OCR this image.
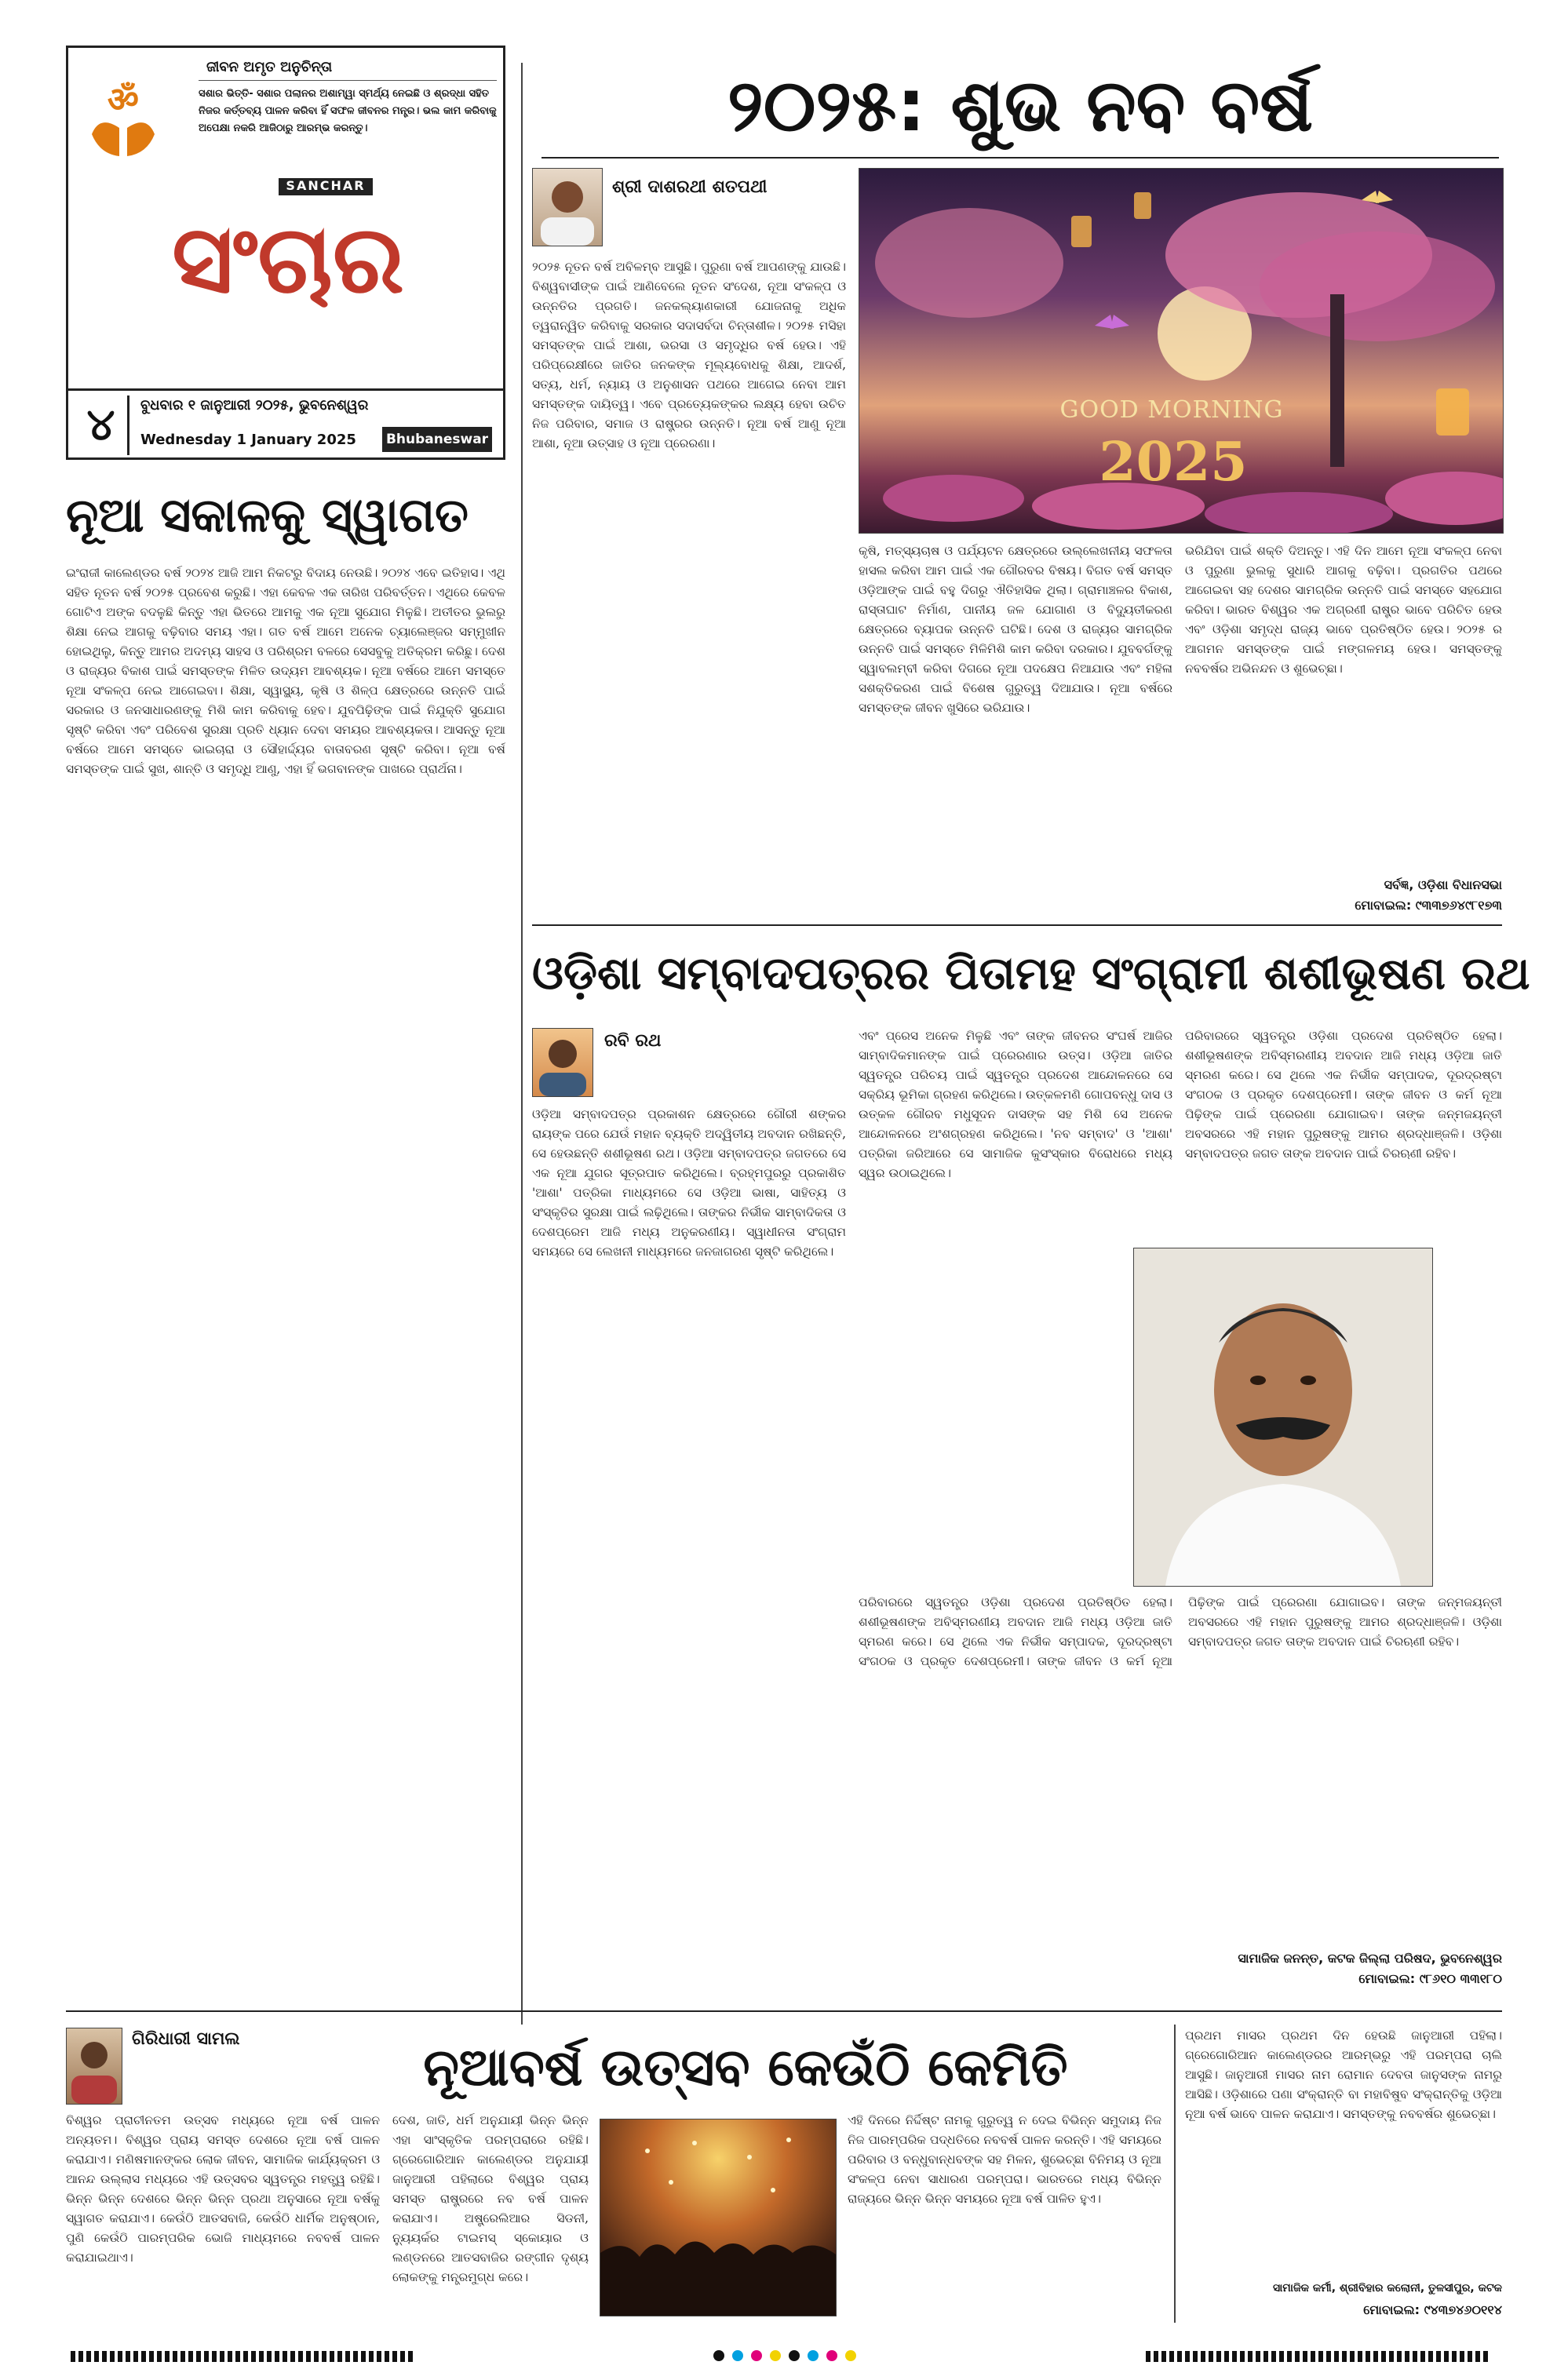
ଜୀବନ ଅମୃତ ଅନୁଚିନ୍ତା
ॐ	ସଶାର ଭିତ୍ତି- ସଶାର ପଲାନର ଅଶାମ୍ୱା ସ୍ମର୍ଥ୍ୟ ନେଇଛି ଓ ଶ୍ରଦ୍ଧା ସହିତ ନିଜର କର୍ତ୍ତବ୍ୟ ପାଳନ କରିବା ହିଁ ସଫଳ ଜୀବନର ମନ୍ତ୍ର। ଭଲ କାମ କରିବାକୁ ଅପେକ୍ଷା ନକରି ଆଜିଠାରୁ ଆରମ୍ଭ କରନ୍ତୁ।
SANCHAR
ସଂଚାର
୪	ବୁଧବାର ୧ ଜାନୁଆରୀ ୨୦୨୫, ଭୁବନେଶ୍ୱର
Wednesday 1 January 2025	Bhubaneswar
ନୂଆ ସକାଳକୁ ସ୍ୱାଗତ
ଇଂରାଜୀ କାଲେଣ୍ଡର ବର୍ଷ ୨୦୨୪ ଆଜି ଆମ ନିକଟରୁ ବିଦାୟ ନେଉଛି। ୨୦୨୪ ଏବେ ଇତିହାସ। ଏଥି ସହିତ ନୂତନ ବର୍ଷ ୨୦୨୫ ପ୍ରବେଶ କରୁଛି। ଏହା କେବଳ ଏକ ତାରିଖ ପରିବର୍ତ୍ତନ। ଏଥିରେ କେବଳ ଗୋଟିଏ ଅଙ୍କ ବଦଳୁଛି କିନ୍ତୁ ଏହା ଭିତରେ ଆମକୁ ଏକ ନୂଆ ସୁଯୋଗ ମିଳୁଛି। ଅତୀତର ଭୁଲରୁ ଶିକ୍ଷା ନେଇ ଆଗକୁ ବଢ଼ିବାର ସମୟ ଏହା। ଗତ ବର୍ଷ ଆମେ ଅନେକ ଚ୍ୟାଲେଞ୍ଜର ସମ୍ମୁଖୀନ ହୋଇଥିଲୁ, କିନ୍ତୁ ଆମର ଅଦମ୍ୟ ସାହସ ଓ ପରିଶ୍ରମ ବଳରେ ସେସବୁକୁ ଅତିକ୍ରମ କରିଛୁ। ଦେଶ ଓ ରାଜ୍ୟର ବିକାଶ ପାଇଁ ସମସ୍ତଙ୍କ ମିଳିତ ଉଦ୍ୟମ ଆବଶ୍ୟକ। ନୂଆ ବର୍ଷରେ ଆମେ ସମସ୍ତେ ନୂଆ ସଂକଳ୍ପ ନେଇ ଆଗେଇବା। ଶିକ୍ଷା, ସ୍ୱାସ୍ଥ୍ୟ, କୃଷି ଓ ଶିଳ୍ପ କ୍ଷେତ୍ରରେ ଉନ୍ନତି ପାଇଁ ସରକାର ଓ ଜନସାଧାରଣଙ୍କୁ ମିଶି କାମ କରିବାକୁ ହେବ। ଯୁବପିଢ଼ିଙ୍କ ପାଇଁ ନିଯୁକ୍ତି ସୁଯୋଗ ସୃଷ୍ଟି କରିବା ଏବଂ ପରିବେଶ ସୁରକ୍ଷା ପ୍ରତି ଧ୍ୟାନ ଦେବା ସମୟର ଆବଶ୍ୟକତା। ଆସନ୍ତୁ ନୂଆ ବର୍ଷରେ ଆମେ ସମସ୍ତେ ଭାଇଚାରା ଓ ସୌହାର୍ଦ୍ଦ୍ୟର ବାତାବରଣ ସୃଷ୍ଟି କରିବା। ନୂଆ ବର୍ଷ ସମସ୍ତଙ୍କ ପାଇଁ ସୁଖ, ଶାନ୍ତି ଓ ସମୃଦ୍ଧି ଆଣୁ, ଏହା ହିଁ ଭଗବାନଙ୍କ ପାଖରେ ପ୍ରାର୍ଥନା।
୨୦୨୫: ଶୁଭ ନବ ବର୍ଷ
ଶ୍ରୀ ଦାଶରଥୀ ଶତପଥୀ
୨୦୨୫ ନୂତନ ବର୍ଷ ଅବିଳମ୍ବ ଆସୁଛି। ପୁରୁଣା ବର୍ଷ ଆପଣଙ୍କୁ ଯାଉଛି। ବିଶ୍ୱବାସୀଙ୍କ ପାଇଁ ଆଣିବେଲେ ନୂତନ ସଂଦେଶ, ନୂଆ ସଂକଳ୍ପ ଓ ଉନ୍ନତିର ପ୍ରଗତି। ଜନକଲ୍ୟାଣକାରୀ ଯୋଜନାକୁ ଅଧିକ ତ୍ୱରାନ୍ୱିତ କରିବାକୁ ସରକାର ସଦାସର୍ବଦା ଚିନ୍ତାଶୀଳ। ୨୦୨୫ ମସିହା ସମସ୍ତଙ୍କ ପାଇଁ ଆଶା, ଭରସା ଓ ସମୃଦ୍ଧିର ବର୍ଷ ହେଉ। ଏହି ପରିପ୍ରେକ୍ଷୀରେ ଜାତିର ଜନକଙ୍କ ମୂଲ୍ୟବୋଧକୁ ଶିକ୍ଷା, ଆଦର୍ଶ, ସତ୍ୟ, ଧର୍ମ, ନ୍ୟାୟ ଓ ଅନୁଶାସନ ପଥରେ ଆଗେଇ ନେବା ଆମ ସମସ୍ତଙ୍କ ଦାୟିତ୍ୱ। ଏବେ ପ୍ରତ୍ୟେକଙ୍କର ଲକ୍ଷ୍ୟ ହେବା ଉଚିତ ନିଜ ପରିବାର, ସମାଜ ଓ ରାଷ୍ଟ୍ରର ଉନ୍ନତି। ନୂଆ ବର୍ଷ ଆଣୁ ନୂଆ ଆଶା, ନୂଆ ଉତ୍ସାହ ଓ ନୂଆ ପ୍ରେରଣା।
GOOD MORNING
2025
କୃଷି, ମତ୍ସ୍ୟଚାଷ ଓ ପର୍ଯ୍ୟଟନ କ୍ଷେତ୍ରରେ ଉଲ୍ଲେଖନୀୟ ସଫଳତା ହାସଲ କରିବା ଆମ ପାଇଁ ଏକ ଗୌରବର ବିଷୟ। ବିଗତ ବର୍ଷ ସମସ୍ତ ଓଡ଼ିଆଙ୍କ ପାଇଁ ବହୁ ଦିଗରୁ ଐତିହାସିକ ଥିଲା। ଗ୍ରାମାଞ୍ଚଳର ବିକାଶ, ରାସ୍ତାଘାଟ ନିର୍ମାଣ, ପାନୀୟ ଜଳ ଯୋଗାଣ ଓ ବିଦ୍ୟୁତୀକରଣ କ୍ଷେତ୍ରରେ ବ୍ୟାପକ ଉନ୍ନତି ଘଟିଛି। ଦେଶ ଓ ରାଜ୍ୟର ସାମଗ୍ରିକ ଉନ୍ନତି ପାଇଁ ସମସ୍ତେ ମିଳିମିଶି କାମ କରିବା ଦରକାର। ଯୁବବର୍ଗଙ୍କୁ ସ୍ୱାବଲମ୍ବୀ କରିବା ଦିଗରେ ନୂଆ ପଦକ୍ଷେପ ନିଆଯାଉ ଏବଂ ମହିଳା ସଶକ୍ତିକରଣ ପାଇଁ ବିଶେଷ ଗୁରୁତ୍ୱ ଦିଆଯାଉ। ନୂଆ ବର୍ଷରେ ସମସ୍ତଙ୍କ ଜୀବନ ଖୁସିରେ ଭରିଯାଉ।
ଭରିଯିବା ପାଇଁ ଶକ୍ତି ଦିଅନ୍ତୁ। ଏହି ଦିନ ଆମେ ନୂଆ ସଂକଳ୍ପ ନେବା ଓ ପୁରୁଣା ଭୁଲକୁ ସୁଧାରି ଆଗକୁ ବଢ଼ିବା। ପ୍ରଗତିର ପଥରେ ଆଗେଇବା ସହ ଦେଶର ସାମଗ୍ରିକ ଉନ୍ନତି ପାଇଁ ସମସ୍ତେ ସହଯୋଗ କରିବା। ଭାରତ ବିଶ୍ୱର ଏକ ଅଗ୍ରଣୀ ରାଷ୍ଟ୍ର ଭାବେ ପରିଚିତ ହେଉ ଏବଂ ଓଡ଼ିଶା ସମୃଦ୍ଧ ରାଜ୍ୟ ଭାବେ ପ୍ରତିଷ୍ଠିତ ହେଉ। ୨୦୨୫ ର ଆଗମନ ସମସ୍ତଙ୍କ ପାଇଁ ମଙ୍ଗଳମୟ ହେଉ। ସମସ୍ତଙ୍କୁ ନବବର୍ଷର ଅଭିନନ୍ଦନ ଓ ଶୁଭେଚ୍ଛା।
ସର୍ବଜ୍ଞ, ଓଡ଼ିଶା ବିଧାନସଭା
ମୋବାଇଲ: ୯୩୩୭୬୪୯୮୧୭୩
ଓଡ଼ିଶା ସମ୍ବାଦପତ୍ରର ପିତାମହ ସଂଗ୍ରାମୀ ଶଶୀଭୂଷଣ ରଥ
ରବି ରଥ
ଓଡ଼ିଆ ସମ୍ବାଦପତ୍ର ପ୍ରକାଶନ କ୍ଷେତ୍ରରେ ଗୌରୀ ଶଙ୍କର ରାୟଙ୍କ ପରେ ଯେଉଁ ମହାନ ବ୍ୟକ୍ତି ଅଦ୍ୱିତୀୟ ଅବଦାନ ରଖିଛନ୍ତି, ସେ ହେଉଛନ୍ତି ଶଶୀଭୂଷଣ ରଥ। ଓଡ଼ିଆ ସମ୍ବାଦପତ୍ର ଜଗତରେ ସେ ଏକ ନୂଆ ଯୁଗର ସୂତ୍ରପାତ କରିଥିଲେ। ବ୍ରହ୍ମପୁରରୁ ପ୍ରକାଶିତ 'ଆଶା' ପତ୍ରିକା ମାଧ୍ୟମରେ ସେ ଓଡ଼ିଆ ଭାଷା, ସାହିତ୍ୟ ଓ ସଂସ୍କୃତିର ସୁରକ୍ଷା ପାଇଁ ଲଢ଼ିଥିଲେ। ତାଙ୍କର ନିର୍ଭୀକ ସାମ୍ବାଦିକତା ଓ ଦେଶପ୍ରେମ ଆଜି ମଧ୍ୟ ଅନୁକରଣୀୟ। ସ୍ୱାଧୀନତା ସଂଗ୍ରାମ ସମୟରେ ସେ ଲେଖନୀ ମାଧ୍ୟମରେ ଜନଜାଗରଣ ସୃଷ୍ଟି କରିଥିଲେ।
ଏବଂ ପ୍ରେସ ଅନେକ ମିଳୁଛି ଏବଂ ତାଙ୍କ ଜୀବନର ସଂଘର୍ଷ ଆଜିର ସାମ୍ବାଦିକମାନଙ୍କ ପାଇଁ ପ୍ରେରଣାର ଉତ୍ସ। ଓଡ଼ିଆ ଜାତିର ସ୍ୱତନ୍ତ୍ର ପରିଚୟ ପାଇଁ ସ୍ୱତନ୍ତ୍ର ପ୍ରଦେଶ ଆନ୍ଦୋଳନରେ ସେ ସକ୍ରିୟ ଭୂମିକା ଗ୍ରହଣ କରିଥିଲେ। ଉତ୍କଳମଣି ଗୋପବନ୍ଧୁ ଦାସ ଓ ଉତ୍କଳ ଗୌରବ ମଧୁସୂଦନ ଦାସଙ୍କ ସହ ମିଶି ସେ ଅନେକ ଆନ୍ଦୋଳନରେ ଅଂଶଗ୍ରହଣ କରିଥିଲେ। 'ନବ ସମ୍ବାଦ' ଓ 'ଆଶା' ପତ୍ରିକା ଜରିଆରେ ସେ ସାମାଜିକ କୁସଂସ୍କାର ବିରୋଧରେ ମଧ୍ୟ ସ୍ୱର ଉଠାଇଥିଲେ।
ପରିବାରରେ ସ୍ୱତନ୍ତ୍ର ଓଡ଼ିଶା ପ୍ରଦେଶ ପ୍ରତିଷ୍ଠିତ ହେଲା। ଶଶୀଭୂଷଣଙ୍କ ଅବିସ୍ମରଣୀୟ ଅବଦାନ ଆଜି ମଧ୍ୟ ଓଡ଼ିଆ ଜାତି ସ୍ମରଣ କରେ। ସେ ଥିଲେ ଏକ ନିର୍ଭୀକ ସମ୍ପାଦକ, ଦୂରଦ୍ରଷ୍ଟା ସଂଗଠକ ଓ ପ୍ରକୃତ ଦେଶପ୍ରେମୀ। ତାଙ୍କ ଜୀବନ ଓ କର୍ମ ନୂଆ ପିଢ଼ିଙ୍କ ପାଇଁ ପ୍ରେରଣା ଯୋଗାଇବ। ତାଙ୍କ ଜନ୍ମଜୟନ୍ତୀ ଅବସରରେ ଏହି ମହାନ ପୁରୁଷଙ୍କୁ ଆମର ଶ୍ରଦ୍ଧାଞ୍ଜଳି। ଓଡ଼ିଶା ସମ୍ବାଦପତ୍ର ଜଗତ ତାଙ୍କ ଅବଦାନ ପାଇଁ ଚିରଋଣୀ ରହିବ।
ପରିବାରରେ ସ୍ୱତନ୍ତ୍ର ଓଡ଼ିଶା ପ୍ରଦେଶ ପ୍ରତିଷ୍ଠିତ ହେଲା। ଶଶୀଭୂଷଣଙ୍କ ଅବିସ୍ମରଣୀୟ ଅବଦାନ ଆଜି ମଧ୍ୟ ଓଡ଼ିଆ ଜାତି ସ୍ମରଣ କରେ। ସେ ଥିଲେ ଏକ ନିର୍ଭୀକ ସମ୍ପାଦକ, ଦୂରଦ୍ରଷ୍ଟା ସଂଗଠକ ଓ ପ୍ରକୃତ ଦେଶପ୍ରେମୀ। ତାଙ୍କ ଜୀବନ ଓ କର୍ମ ନୂଆ ପିଢ଼ିଙ୍କ ପାଇଁ ପ୍ରେରଣା ଯୋଗାଇବ। ତାଙ୍କ ଜନ୍ମଜୟନ୍ତୀ ଅବସରରେ ଏହି ମହାନ ପୁରୁଷଙ୍କୁ ଆମର ଶ୍ରଦ୍ଧାଞ୍ଜଳି। ଓଡ଼ିଶା ସମ୍ବାଦପତ୍ର ଜଗତ ତାଙ୍କ ଅବଦାନ ପାଇଁ ଚିରଋଣୀ ରହିବ।
ସାମାଜିକ ଜନନ୍ତ, କଟକ ଜିଲ୍ଲା ପରିଷଦ, ଭୁବନେଶ୍ୱର
ମୋବାଇଲ: ୯୮୬୧୦ ୩୩୧୮୦
ଗିରିଧାରୀ ସାମଲ	ନୂଆବର୍ଷ ଉତ୍ସବ କେଉଁଠି କେମିତି
ବିଶ୍ୱର ପ୍ରାଚୀନତମ ଉତ୍ସବ ମଧ୍ୟରେ ନୂଆ ବର୍ଷ ପାଳନ ଅନ୍ୟତମ। ବିଶ୍ୱର ପ୍ରାୟ ସମସ୍ତ ଦେଶରେ ନୂଆ ବର୍ଷ ପାଳନ କରାଯାଏ। ମଣିଷମାନଙ୍କର ଲୋକ ଜୀବନ, ସାମାଜିକ କାର୍ଯ୍ୟକ୍ରମ ଓ ଆନନ୍ଦ ଉଲ୍ଲାସ ମଧ୍ୟରେ ଏହି ଉତ୍ସବର ସ୍ୱତନ୍ତ୍ର ମହତ୍ତ୍ୱ ରହିଛି। ଭିନ୍ନ ଭିନ୍ନ ଦେଶରେ ଭିନ୍ନ ଭିନ୍ନ ପ୍ରଥା ଅନୁସାରେ ନୂଆ ବର୍ଷକୁ ସ୍ୱାଗତ କରାଯାଏ। କେଉଁଠି ଆତସବାଜି, କେଉଁଠି ଧାର୍ମିକ ଅନୁଷ୍ଠାନ, ପୁଣି କେଉଁଠି ପାରମ୍ପରିକ ଭୋଜି ମାଧ୍ୟମରେ ନବବର୍ଷ ପାଳନ କରାଯାଇଥାଏ।
ଦେଶ, ଜାତି, ଧର୍ମ ଅନୁଯାୟୀ ଭିନ୍ନ ଭିନ୍ନ ଏହା ସାଂସ୍କୃତିକ ପରମ୍ପରାରେ ରହିଛି। ଗ୍ରେଗୋରିଆନ କାଲେଣ୍ଡର ଅନୁଯାୟୀ ଜାନୁଆରୀ ପହିଲାରେ ବିଶ୍ୱର ପ୍ରାୟ ସମସ୍ତ ରାଷ୍ଟ୍ରରେ ନବ ବର୍ଷ ପାଳନ କରାଯାଏ। ଅଷ୍ଟ୍ରେଲିଆର ସିଡନୀ, ନ୍ୟୁୟର୍କର ଟାଇମସ୍ ସ୍କୋୟାର ଓ ଲଣ୍ଡନରେ ଆତସବାଜିର ରଙ୍ଗୀନ ଦୃଶ୍ୟ ଲୋକଙ୍କୁ ମନ୍ତ୍ରମୁଗ୍ଧ କରେ।
ଏହି ଦିନରେ ନିର୍ଦ୍ଦିଷ୍ଟ ନାମକୁ ଗୁରୁତ୍ୱ ନ ଦେଇ ବିଭିନ୍ନ ସମୁଦାୟ ନିଜ ନିଜ ପାରମ୍ପରିକ ପଦ୍ଧତିରେ ନବବର୍ଷ ପାଳନ କରନ୍ତି। ଏହି ସମୟରେ ପରିବାର ଓ ବନ୍ଧୁବାନ୍ଧବଙ୍କ ସହ ମିଳନ, ଶୁଭେଚ୍ଛା ବିନିମୟ ଓ ନୂଆ ସଂକଳ୍ପ ନେବା ସାଧାରଣ ପରମ୍ପରା। ଭାରତରେ ମଧ୍ୟ ବିଭିନ୍ନ ରାଜ୍ୟରେ ଭିନ୍ନ ଭିନ୍ନ ସମୟରେ ନୂଆ ବର୍ଷ ପାଳିତ ହୁଏ।
ପ୍ରଥମ ମାସର ପ୍ରଥମ ଦିନ ହେଉଛି ଜାନୁଆରୀ ପହିଲା। ଗ୍ରେଗୋରିଆନ କାଲେଣ୍ଡରର ଆରମ୍ଭରୁ ଏହି ପରମ୍ପରା ଚାଲି ଆସୁଛି। ଜାନୁଆରୀ ମାସର ନାମ ରୋମାନ ଦେବତା ଜାନୁସଙ୍କ ନାମରୁ ଆସିଛି। ଓଡ଼ିଶାରେ ପଣା ସଂକ୍ରାନ୍ତି ବା ମହାବିଷୁବ ସଂକ୍ରାନ୍ତିକୁ ଓଡ଼ିଆ ନୂଆ ବର୍ଷ ଭାବେ ପାଳନ କରାଯାଏ। ସମସ୍ତଙ୍କୁ ନବବର୍ଷର ଶୁଭେଚ୍ଛା।
ସାମାଜିକ କର୍ମୀ, ଶ୍ରୀବିହାର କଲୋନୀ, ତୁଳସୀପୁର, କଟକ
ମୋବାଇଲ: ୯୪୩୭୪୬୦୧୧୪
